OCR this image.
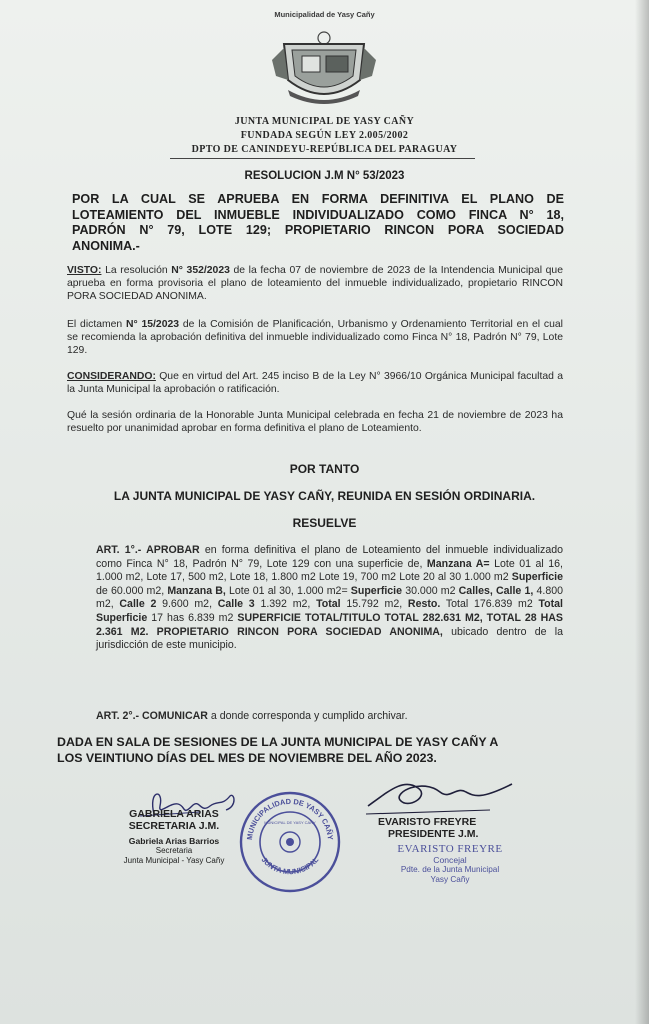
Municipalidad de Yasy Cañy
JUNTA MUNICIPAL DE YASY CAÑY
FUNDADA SEGÚN LEY 2.005/2002
DPTO DE CANINDEYU-REPÚBLICA DEL PARAGUAY
RESOLUCION J.M N° 53/2023
POR LA CUAL SE APRUEBA EN FORMA DEFINITIVA EL PLANO DE
LOTEAMIENTO DEL INMUEBLE INDIVIDUALIZADO COMO FINCA N° 18,
PADRÓN N° 79, LOTE 129; PROPIETARIO RINCON PORA SOCIEDAD
ANONIMA.-
VISTO: La resolución N° 352/2023 de la fecha 07 de noviembre de 2023 de la Intendencia Municipal que aprueba en forma provisoria el plano de loteamiento del inmueble individualizado, propietario RINCON PORA SOCIEDAD ANONIMA.
El dictamen N° 15/2023 de la Comisión de Planificación, Urbanismo y Ordenamiento Territorial en el cual se recomienda la aprobación definitiva del inmueble individualizado como Finca N° 18, Padrón N° 79, Lote 129.
CONSIDERANDO: Que en virtud del Art. 245 inciso B de la Ley N° 3966/10 Orgánica Municipal facultad a la Junta Municipal la aprobación o ratificación.
Qué la sesión ordinaria de la Honorable Junta Municipal celebrada en fecha 21 de noviembre de 2023 ha resuelto por unanimidad aprobar en forma definitiva el plano de Loteamiento.
POR TANTO
LA JUNTA MUNICIPAL DE YASY CAÑY, REUNIDA EN SESIÓN ORDINARIA.
RESUELVE
ART. 1°.- APROBAR en forma definitiva el plano de Loteamiento del inmueble individualizado como Finca N° 18, Padrón N° 79, Lote 129 con una superficie de, Manzana A= Lote 01 al 16, 1.000 m2, Lote 17, 500 m2, Lote 18, 1.800 m2 Lote 19, 700 m2 Lote 20 al 30 1.000 m2 Superficie de 60.000 m2, Manzana B, Lote 01 al 30, 1.000 m2= Superficie 30.000 m2 Calles, Calle 1, 4.800 m2, Calle 2 9.600 m2, Calle 3 1.392 m2, Total 15.792 m2, Resto. Total 176.839 m2 Total Superficie 17 has 6.839 m2 SUPERFICIE TOTAL/TITULO TOTAL 282.631 M2, TOTAL 28 HAS 2.361 M2. PROPIETARIO RINCON PORA SOCIEDAD ANONIMA, ubicado dentro de la jurisdicción de este municipio.
ART. 2°.- COMUNICAR a donde corresponda y cumplido archivar.
DADA EN SALA DE SESIONES DE LA JUNTA MUNICIPAL DE YASY CAÑY A
LOS VEINTIUNO DÍAS DEL MES DE NOVIEMBRE DEL AÑO 2023.
GABRIELA ARIAS
SECRETARIA J.M.
Gabriela Arias Barrios
Secretaria
Junta Municipal - Yasy Cañy
MUNICIPALIDAD DE YASY CAÑY
JUNTA MUNICIPAL
MUNICIPAL DE YASY CAÑY	EVARISTO FREYRE
PRESIDENTE J.M.
EVARISTO FREYRE
Concejal
Pdte. de la Junta Municipal
Yasy Cañy
